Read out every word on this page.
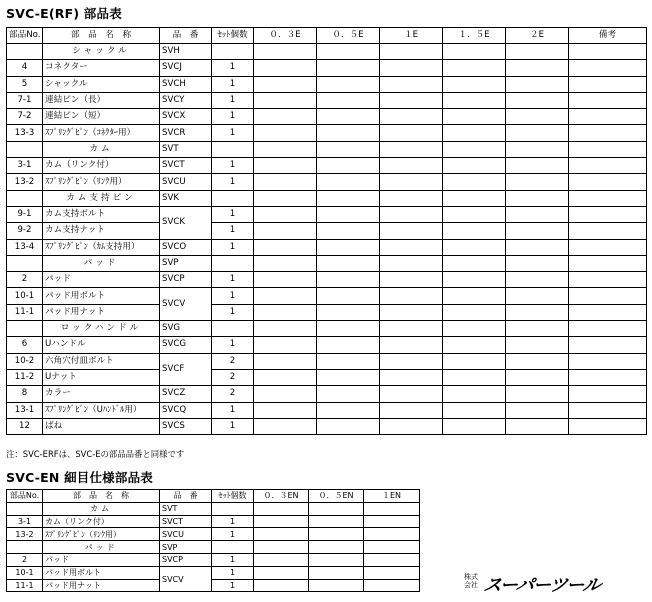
SVC-E(RF) 部品表
部品No.	部　品　名　称	品　番	ｾｯﾄ個数	０．３E	０．５E	１E	１．５E	２E	備考
	シャックル	SVH							
4	コネクター	SVCJ	1						
5	シャックル	SVCH	1						
7-1	連結ピン（長）	SVCY	1						
7-2	連結ピン（短）	SVCX	1						
13-3	ｽﾌﾟﾘﾝｸﾞﾋﾟﾝ（ｺﾈｸﾀｰ用）	SVCR	1						
	カム	SVT							
3-1	カム（リンク付）	SVCT	1						
13-2	ｽﾌﾟﾘﾝｸﾞﾋﾟﾝ（ﾘﾝｸ用）	SVCU	1						
	カム支持ピン	SVK							
9-1	カム支持ボルト	SVCK	1						
9-2	カム支持ナット		1						
13-4	ｽﾌﾟﾘﾝｸﾞﾋﾟﾝ（ｶﾑ支持用）	SVCO	1						
	パッド	SVP							
2	パッド	SVCP	1						
10-1	パッド用ボルト	SVCV	1						
11-1	パッド用ナット		1						
	ロックハンドル	SVG							
6	Uハンドル	SVCG	1						
10-2	六角穴付皿ボルト	SVCF	2						
11-2	Uナット		2						
8	カラー	SVCZ	2						
13-1	ｽﾌﾟﾘﾝｸﾞﾋﾟﾝ（Uﾊﾝﾄﾞﾙ用）	SVCQ	1						
12	ばね	SVCS	1						
注：SVC-ERFは、SVC-Eの部品品番と同様です
SVC-EN 細目仕様部品表
部品No.	部　品　名　称	品　番	ｾｯﾄ個数	０．３EN	０．５EN	１EN
	カム	SVT				
3-1	カム（リンク付）	SVCT	1			
13-2	ｽﾌﾟﾘﾝｸﾞﾋﾟﾝ（ﾘﾝｸ用）	SVCU	1			
	パッド	SVP				
2	パッド	SVCP	1			
10-1	パッド用ボルト	SVCV	1			
11-1	パッド用ナット		1			
株式
会社 スーパーツール
